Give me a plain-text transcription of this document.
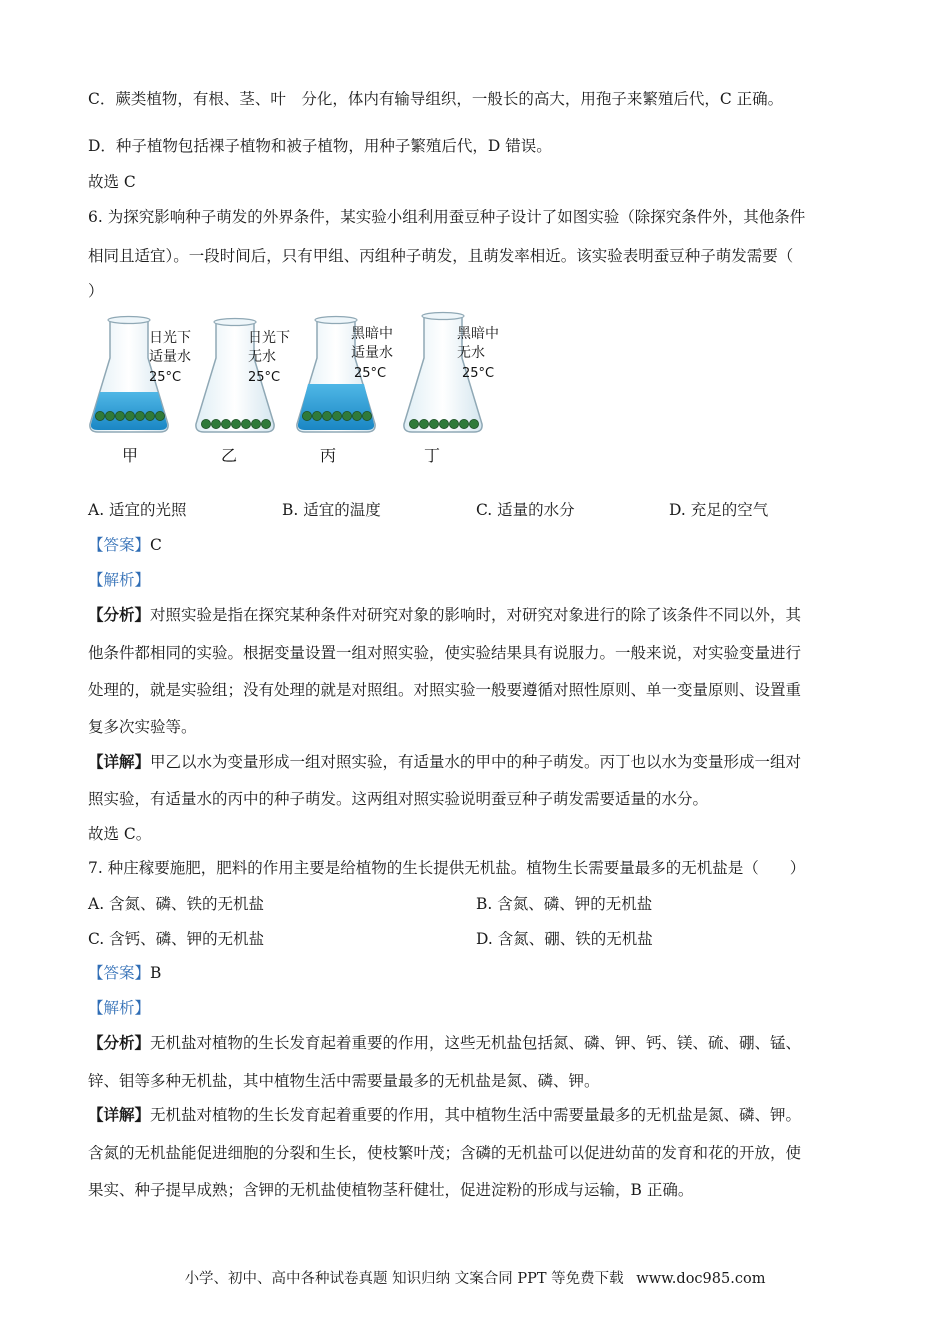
C．蕨类植物，有根、茎、叶　分化，体内有输导组织，一般长的高大，用孢子来繁殖后代，C 正确。
D．种子植物包括裸子植物和被子植物，用种子繁殖后代，D 错误。
故选 C
6. 为探究影响种子萌发的外界条件，某实验小组利用蚕豆种子设计了如图实验（除探究条件外，其他条件
相同且适宜）。一段时间后，只有甲组、丙组种子萌发，且萌发率相近。该实验表明蚕豆种子萌发需要（
）
日光下
适量水
25°C
甲
日光下
无水
25°C
乙
黑暗中
适量水
25°C
丙
黑暗中
无水
25°C
丁
A. 适宜的光照	B. 适宜的温度	C. 适量的水分	D. 充足的空气
【答案】C
【解析】
【分析】对照实验是指在探究某种条件对研究对象的影响时，对研究对象进行的除了该条件不同以外，其
他条件都相同的实验。根据变量设置一组对照实验，使实验结果具有说服力。一般来说，对实验变量进行
处理的，就是实验组；没有处理的就是对照组。对照实验一般要遵循对照性原则、单一变量原则、设置重
复多次实验等。
【详解】甲乙以水为变量形成一组对照实验，有适量水的甲中的种子萌发。丙丁也以水为变量形成一组对
照实验，有适量水的丙中的种子萌发。这两组对照实验说明蚕豆种子萌发需要适量的水分。
故选 C。
7. 种庄稼要施肥，肥料的作用主要是给植物的生长提供无机盐。植物生长需要量最多的无机盐是（　　）
A. 含氮、磷、铁的无机盐	B. 含氮、磷、钾的无机盐
C. 含钙、磷、钾的无机盐	D. 含氮、硼、铁的无机盐
【答案】B
【解析】
【分析】无机盐对植物的生长发育起着重要的作用，这些无机盐包括氮、磷、钾、钙、镁、硫、硼、锰、
锌、钼等多种无机盐，其中植物生活中需要量最多的无机盐是氮、磷、钾。
【详解】无机盐对植物的生长发育起着重要的作用，其中植物生活中需要量最多的无机盐是氮、磷、钾。
含氮的无机盐能促进细胞的分裂和生长，使枝繁叶茂；含磷的无机盐可以促进幼苗的发育和花的开放，使
果实、种子提早成熟；含钾的无机盐使植物茎秆健壮，促进淀粉的形成与运输，B 正确。
小学、初中、高中各种试卷真题 知识归纳 文案合同 PPT 等免费下载 www.doc985.com
